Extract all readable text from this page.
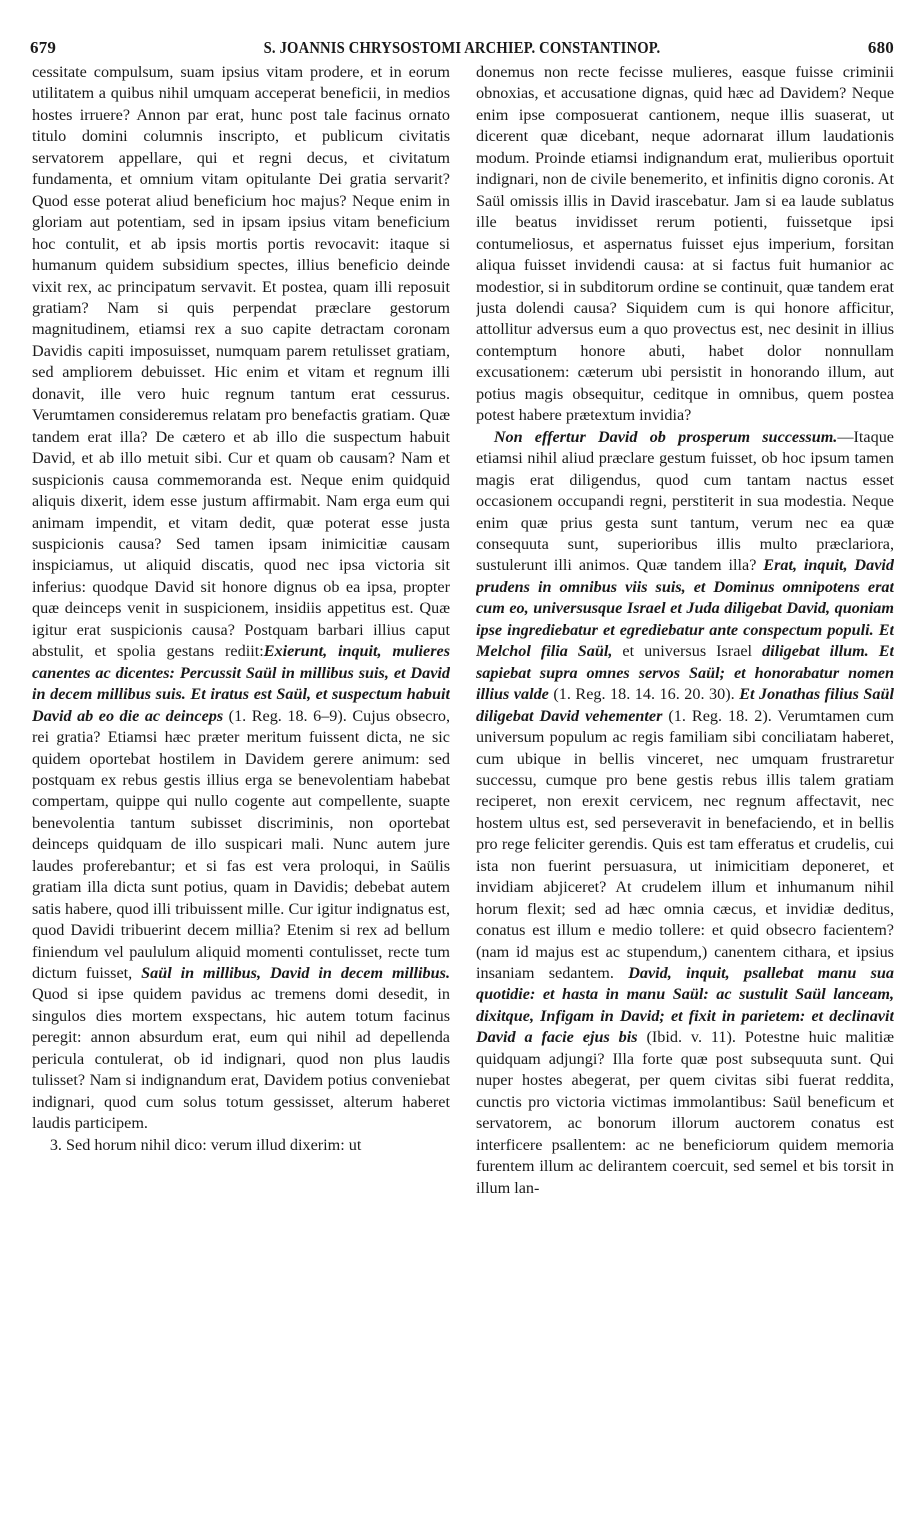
679	S. JOANNIS CHRYSOSTOMI ARCHIEP. CONSTANTINOP.	680

cessitate compulsum, suam ipsius vitam prodere, et in eorum utilitatem a quibus nihil umquam acceperat beneficii, in medios hostes irruere? Annon par erat, hunc post tale facinus ornato titulo domini columnis inscripto, et publicum civitatis servatorem appellare, qui et regni decus, et civitatum fundamenta, et omnium vitam opitulante Dei gratia servarit? Quod esse poterat aliud beneficium hoc majus? Neque enim in gloriam aut potentiam, sed in ipsam ipsius vitam beneficium hoc contulit, et ab ipsis mortis portis revocavit: itaque si humanum quidem subsidium spectes, illius beneficio deinde vixit rex, ac principatum servavit. Et postea, quam illi reposuit gratiam? Nam si quis perpendat præclare gestorum magnitudinem, etiamsi rex a suo capite detractam coronam Davidis capiti imposuisset, numquam parem retulisset gratiam, sed ampliorem debuisset. Hic enim et vitam et regnum illi donavit, ille vero huic regnum tantum erat cessurus. Verumtamen consideremus relatam pro benefactis gratiam. Quæ tandem erat illa? De cætero et ab illo die suspectum habuit David, et ab illo metuit sibi. Cur et quam ob causam? Nam et suspicionis causa commemoranda est. Neque enim quidquid aliquis dixerit, idem esse justum affirmabit. Nam erga eum qui animam impendit, et vitam dedit, quæ poterat esse justa suspicionis causa? Sed tamen ipsam inimicitiæ causam inspiciamus, ut aliquid discatis, quod nec ipsa victoria sit inferius: quodque David sit honore dignus ob ea ipsa, propter quæ deinceps venit in suspicionem, insidiis appetitus est. Quæ igitur erat suspicionis causa? Postquam barbari illius caput abstulit, et spolia gestans rediit:Exierunt, inquit, mulieres canentes ac dicentes: Percussit Saül in millibus suis, et David in decem millibus suis. Et iratus est Saül, et suspectum habuit David ab eo die ac deinceps (1. Reg. 18. 6–9). Cujus obsecro, rei gratia? Etiamsi hæc præter meritum fuissent dicta, ne sic quidem oportebat hostilem in Davidem gerere animum: sed postquam ex rebus gestis illius erga se benevolentiam habebat compertam, quippe qui nullo cogente aut compellente, suapte benevolentia tantum subisset discriminis, non oportebat deinceps quidquam de illo suspicari mali. Nunc autem jure laudes proferebantur; et si fas est vera proloqui, in Saülis gratiam illa dicta sunt potius, quam in Davidis; debebat autem satis habere, quod illi tribuissent mille. Cur igitur indignatus est, quod Davidi tribuerint decem millia? Etenim si rex ad bellum finiendum vel paululum aliquid momenti contulisset, recte tum dictum fuisset, Saül in millibus, David in decem millibus. Quod si ipse quidem pavidus ac tremens domi desedit, in singulos dies mortem exspectans, hic autem totum facinus peregit: annon absurdum erat, eum qui nihil ad depellenda pericula contulerat, ob id indignari, quod non plus laudis tulisset? Nam si indignandum erat, Davidem potius conveniebat indignari, quod cum solus totum gessisset, alterum haberet laudis participem.

3. Sed horum nihil dico: verum illud dixerim: ut

donemus non recte fecisse mulieres, easque fuisse criminii obnoxias, et accusatione dignas, quid hæc ad Davidem? Neque enim ipse composuerat cantionem, neque illis suaserat, ut dicerent quæ dicebant, neque adornarat illum laudationis modum. Proinde etiamsi indignandum erat, mulieribus oportuit indignari, non de civile benemerito, et infinitis digno coronis. At Saül omissis illis in David irascebatur. Jam si ea laude sublatus ille beatus invidisset rerum potienti, fuissetque ipsi contumeliosus, et aspernatus fuisset ejus imperium, forsitan aliqua fuisset invidendi causa: at si factus fuit humanior ac modestior, si in subditorum ordine se continuit, quæ tandem erat justa dolendi causa? Siquidem cum is qui honore afficitur, attollitur adversus eum a quo provectus est, nec desinit in illius contemptum honore abuti, habet dolor nonnullam excusationem: cæterum ubi persistit in honorando illum, aut potius magis obsequitur, ceditque in omnibus, quem postea potest habere prætextum invidia?

Non effertur David ob prosperum successum.—Itaque etiamsi nihil aliud præclare gestum fuisset, ob hoc ipsum tamen magis erat diligendus, quod cum tantam nactus esset occasionem occupandi regni, perstiterit in sua modestia. Neque enim quæ prius gesta sunt tantum, verum nec ea quæ consequuta sunt, superioribus illis multo præclariora, sustulerunt illi animos. Quæ tandem illa? Erat, inquit, David prudens in omnibus viis suis, et Dominus omnipotens erat cum eo, universusque Israel et Juda diligebat David, quoniam ipse ingrediebatur et egrediebatur ante conspectum populi. Et Melchol filia Saül, et universus Israel diligebat illum. Et sapiebat supra omnes servos Saül; et honorabatur nomen illius valde (1. Reg. 18. 14. 16. 20. 30). Et Jonathas filius Saül diligebat David vehementer (1. Reg. 18. 2). Verumtamen cum universum populum ac regis familiam sibi conciliatam haberet, cum ubique in bellis vinceret, nec umquam frustraretur successu, cumque pro bene gestis rebus illis talem gratiam reciperet, non erexit cervicem, nec regnum affectavit, nec hostem ultus est, sed perseveravit in benefaciendo, et in bellis pro rege feliciter gerendis. Quis est tam efferatus et crudelis, cui ista non fuerint persuasura, ut inimicitiam deponeret, et invidiam abjiceret? At crudelem illum et inhumanum nihil horum flexit; sed ad hæc omnia cæcus, et invidiæ deditus, conatus est illum e medio tollere: et quid obsecro facientem? (nam id majus est ac stupendum,) canentem cithara, et ipsius insaniam sedantem. David, inquit, psallebat manu sua quotidie: et hasta in manu Saül: ac sustulit Saül lanceam, dixitque, Infigam in David; et fixit in parietem: et declinavit David a facie ejus bis (Ibid. v. 11). Potestne huic malitiæ quidquam adjungi? Illa forte quæ post subsequuta sunt. Qui nuper hostes abegerat, per quem civitas sibi fuerat reddita, cunctis pro victoria victimas immolantibus: Saül beneficum et servatorem, ac bonorum illorum auctorem conatus est interficere psallentem: ac ne beneficiorum quidem memoria furentem illum ac delirantem coercuit, sed semel et bis torsit in illum lan-
